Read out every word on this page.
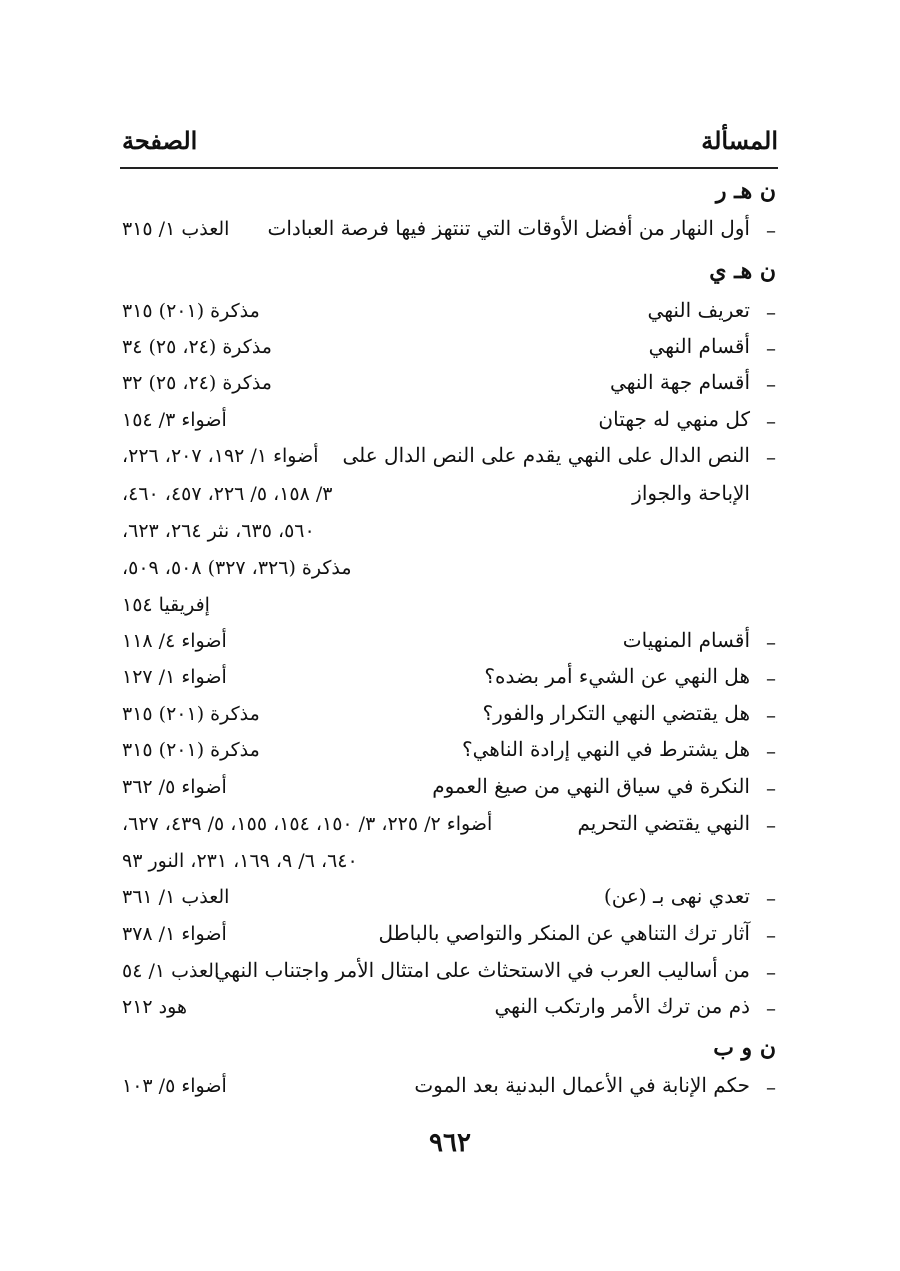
المسألة
الصفحة
ن هـ ر
–
أول النهار من أفضل الأوقات التي تنتهز فيها فرصة العبادات
العذب ١/ ٣١٥
ن هـ ي
–
تعريف النهي
مذكرة (٢٠١) ٣١٥
–
أقسام النهي
مذكرة (٢٤، ٢٥) ٣٤
–
أقسام جهة النهي
مذكرة (٢٤، ٢٥) ٣٢
–
كل منهي له جهتان
أضواء ٣/ ١٥٤
–
النص الدال على النهي يقدم على النص الدال على
أضواء ١/ ١٩٢، ٢٠٧، ٢٢٦،
الإباحة والجواز
٣/ ١٥٨، ٥/ ٢٢٦، ٤٥٧، ٤٦٠،
٥٦٠، ٦٣٥، نثر ٢٦٤، ٦٢٣،
مذكرة (٣٢٦، ٣٢٧) ٥٠٨، ٥٠٩،
إفريقيا ١٥٤
–
أقسام المنهيات
أضواء ٤/ ١١٨
–
هل النهي عن الشيء أمر بضده؟
أضواء ١/ ١٢٧
–
هل يقتضي النهي التكرار والفور؟
مذكرة (٢٠١) ٣١٥
–
هل يشترط في النهي إرادة الناهي؟
مذكرة (٢٠١) ٣١٥
–
النكرة في سياق النهي من صيغ العموم
أضواء ٥/ ٣٦٢
–
النهي يقتضي التحريم
أضواء ٢/ ٢٢٥، ٣/ ١٥٠، ١٥٤، ١٥٥، ٥/ ٤٣٩، ٦٢٧،
٦٤٠، ٦/ ٩، ١٦٩، ٢٣١، النور ٩٣
–
تعدي نهى بـ (عن)
العذب ١/ ٣٦١
–
آثار ترك التناهي عن المنكر والتواصي بالباطل
أضواء ١/ ٣٧٨
–
من أساليب العرب في الاستحثاث على امتثال الأمر واجتناب النهي
العذب ١/ ٥٤
–
ذم من ترك الأمر وارتكب النهي
هود ٢١٢
ن و ب
–
حكم الإنابة في الأعمال البدنية بعد الموت
أضواء ٥/ ١٠٣
٩٦٢
